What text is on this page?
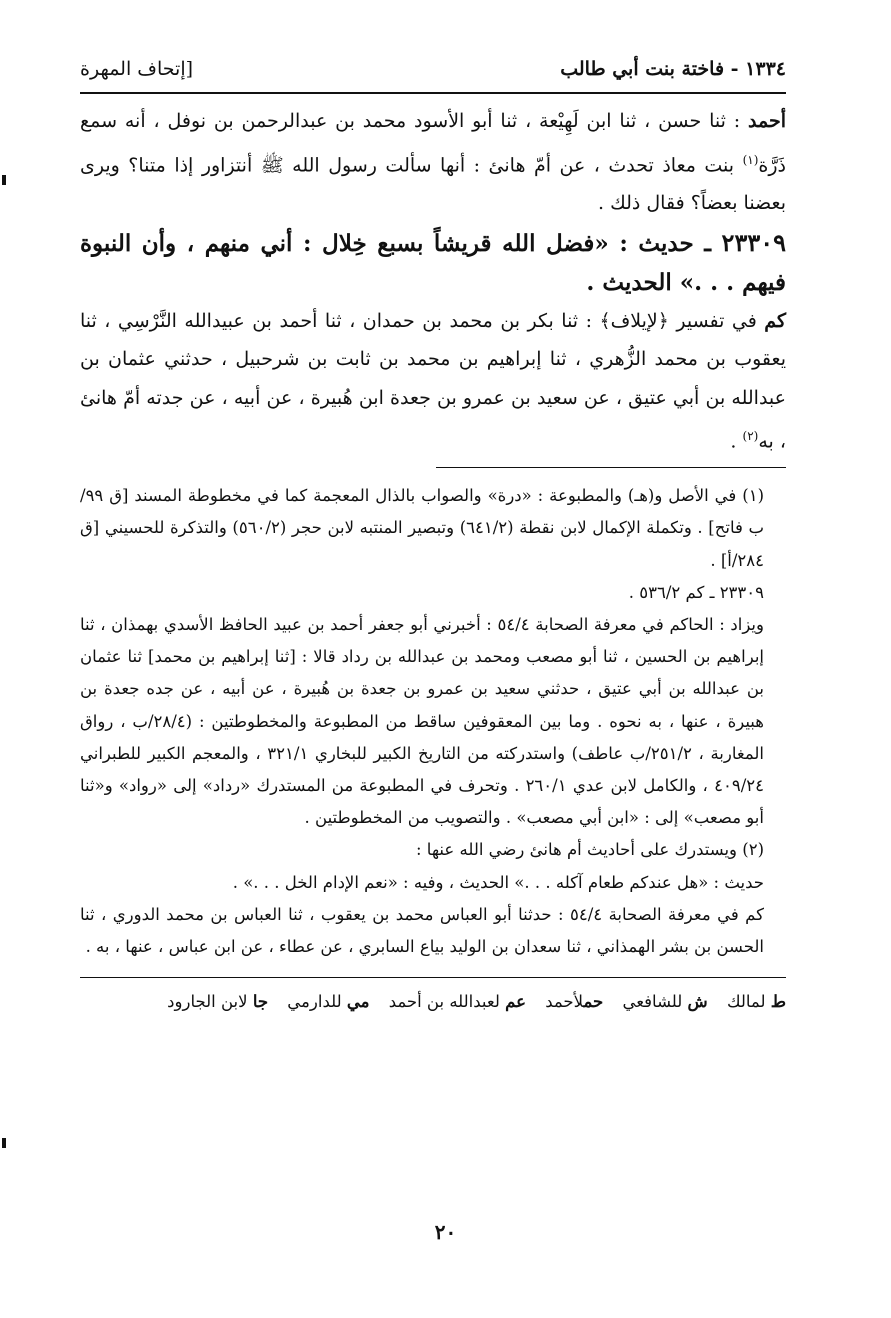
١٣٣٤ - فاختة بنت أبي طالب
[إتحاف المهرة

أحمد : ثنا حسن ، ثنا ابن لَهِيْعة ، ثنا أبو الأسود محمد بن عبدالرحمن بن نوفل ، أنه سمع ذَرَّة$^{(١)}$ بنت معاذ تحدث ، عن أمّ هانئ : أنها سألت رسول الله ﷺ أنتزاور إذا متنا؟ ويرى بعضنا بعضاً؟ فقال ذلك .

٢٣٣٠٩ ـ حديث : «فضل الله قريشاً بسبع خِلال : أني منهم ، وأن النبوة فيهم . . .» الحديث .

كم في تفسير ﴿لإيلاف﴾ : ثنا بكر بن محمد بن حمدان ، ثنا أحمد بن عبيدالله النَّرْسِي ، ثنا يعقوب بن محمد الزُّهري ، ثنا إبراهيم بن محمد بن ثابت بن شرحبيل ، حدثني عثمان بن عبدالله بن أبي عتيق ، عن سعيد بن عمرو بن جعدة ابن هُبيرة ، عن أبيه ، عن جدته أمّ هانئ ، به$^{(٢)}$ .

(١) في الأصل و(هـ) والمطبوعة : «درة» والصواب بالذال المعجمة كما في مخطوطة المسند [ق ٩٩/ب فاتح] . وتكملة الإكمال لابن نقطة (٦٤١/٢) وتبصير المنتبه لابن حجر (٥٦٠/٢) والتذكرة للحسيني [ق ٢٨٤/أ] .

٢٣٣٠٩ ـ كم ٥٣٦/٢ .

ويزاد : الحاكم في معرفة الصحابة ٥٤/٤ : أخبرني أبو جعفر أحمد بن عبيد الحافظ الأسدي بهمذان ، ثنا إبراهيم بن الحسين ، ثنا أبو مصعب ومحمد بن عبدالله بن رداد قالا : [ثنا إبراهيم بن محمد] ثنا عثمان بن عبدالله بن أبي عتيق ، حدثني سعيد بن عمرو بن جعدة بن هُبيرة ، عن أبيه ، عن جده جعدة بن هبيرة ، عنها ، به نحوه . وما بين المعقوفين ساقط من المطبوعة والمخطوطتين : (٢٨/٤/ب ، رواق المغاربة ، ٢٥١/٢/ب عاطف) واستدركته من التاريخ الكبير للبخاري ٣٢١/١ ، والمعجم الكبير للطبراني ٤٠٩/٢٤ ، والكامل لابن عدي ٢٦٠/١ . وتحرف في المطبوعة من المستدرك «رداد» إلى «رواد» و«ثنا أبو مصعب» إلى : «ابن أبي مصعب» . والتصويب من المخطوطتين .

(٢) ويستدرك على أحاديث أم هانئ رضي الله عنها :

حديث : «هل عندكم طعام آكله . . .» الحديث ، وفيه : «نعم الإدام الخل . . .» .

كم في معرفة الصحابة ٥٤/٤ : حدثنا أبو العباس محمد بن يعقوب ، ثنا العباس بن محمد الدوري ، ثنا الحسن بن بشر الهمذاني ، ثنا سعدان بن الوليد بياع السابري ، عن عطاء ، عن ابن عباس ، عنها ، به .

ط لمالك ش للشافعي حملأحمد عم لعبدالله بن أحمد مي للدارمي جا لابن الجارود
٢٠
